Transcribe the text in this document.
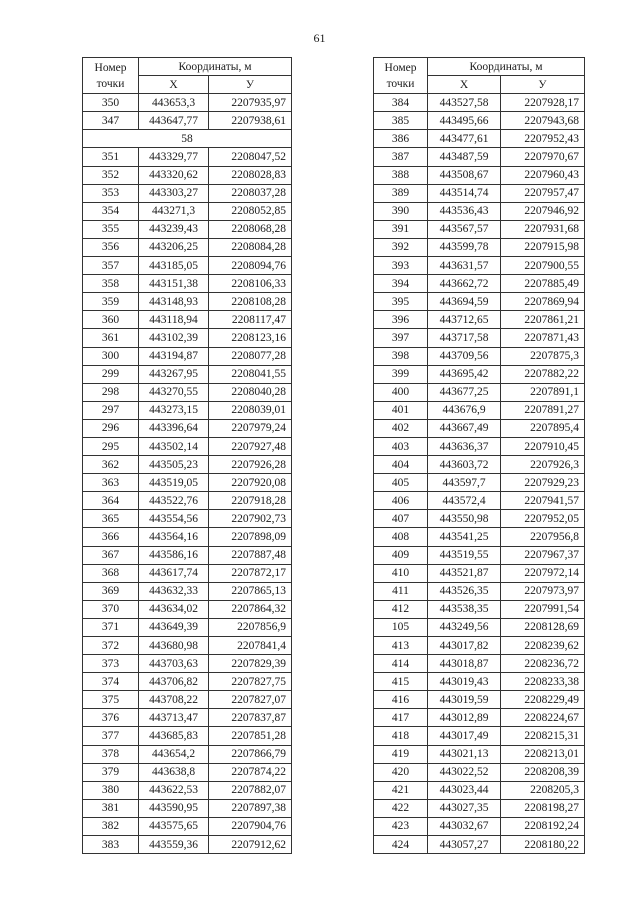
61
Номер
точки	Координаты, м	
	X	У
350	443653,3	2207935,97
347	443647,77	2207938,61
58		
351	443329,77	2208047,52
352	443320,62	2208028,83
353	443303,27	2208037,28
354	443271,3	2208052,85
355	443239,43	2208068,28
356	443206,25	2208084,28
357	443185,05	2208094,76
358	443151,38	2208106,33
359	443148,93	2208108,28
360	443118,94	2208117,47
361	443102,39	2208123,16
300	443194,87	2208077,28
299	443267,95	2208041,55
298	443270,55	2208040,28
297	443273,15	2208039,01
296	443396,64	2207979,24
295	443502,14	2207927,48
362	443505,23	2207926,28
363	443519,05	2207920,08
364	443522,76	2207918,28
365	443554,56	2207902,73
366	443564,16	2207898,09
367	443586,16	2207887,48
368	443617,74	2207872,17
369	443632,33	2207865,13
370	443634,02	2207864,32
371	443649,39	2207856,9
372	443680,98	2207841,4
373	443703,63	2207829,39
374	443706,82	2207827,75
375	443708,22	2207827,07
376	443713,47	2207837,87
377	443685,83	2207851,28
378	443654,2	2207866,79
379	443638,8	2207874,22
380	443622,53	2207882,07
381	443590,95	2207897,38
382	443575,65	2207904,76
383	443559,36	2207912,62
Номер
точки	Координаты, м	
	X	У
384	443527,58	2207928,17
385	443495,66	2207943,68
386	443477,61	2207952,43
387	443487,59	2207970,67
388	443508,67	2207960,43
389	443514,74	2207957,47
390	443536,43	2207946,92
391	443567,57	2207931,68
392	443599,78	2207915,98
393	443631,57	2207900,55
394	443662,72	2207885,49
395	443694,59	2207869,94
396	443712,65	2207861,21
397	443717,58	2207871,43
398	443709,56	2207875,3
399	443695,42	2207882,22
400	443677,25	2207891,1
401	443676,9	2207891,27
402	443667,49	2207895,4
403	443636,37	2207910,45
404	443603,72	2207926,3
405	443597,7	2207929,23
406	443572,4	2207941,57
407	443550,98	2207952,05
408	443541,25	2207956,8
409	443519,55	2207967,37
410	443521,87	2207972,14
411	443526,35	2207973,97
412	443538,35	2207991,54
105	443249,56	2208128,69
413	443017,82	2208239,62
414	443018,87	2208236,72
415	443019,43	2208233,38
416	443019,59	2208229,49
417	443012,89	2208224,67
418	443017,49	2208215,31
419	443021,13	2208213,01
420	443022,52	2208208,39
421	443023,44	2208205,3
422	443027,35	2208198,27
423	443032,67	2208192,24
424	443057,27	2208180,22
